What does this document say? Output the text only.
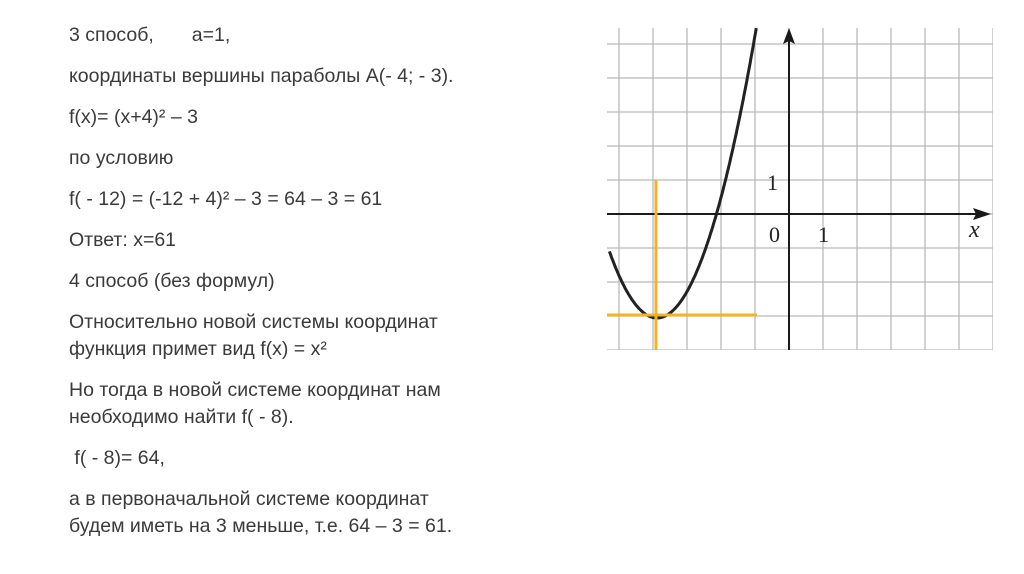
3 способ,       a=1,
координаты вершины параболы A(- 4; - 3).
f(x)= (x+4)² – 3
по условию
f( - 12) = (-12 + 4)² – 3 = 64 – 3 = 61
Ответ: x=61
4 способ (без формул)
Относительно новой системы координат
функция примет вид f(x) = x²
Но тогда в новой системе координат нам
необходимо найти f( - 8).
f( - 8)= 64,
а в первоначальной системе координат
будем иметь на 3 меньше, т.е. 64 – 3 = 61.
x
0 1
1
